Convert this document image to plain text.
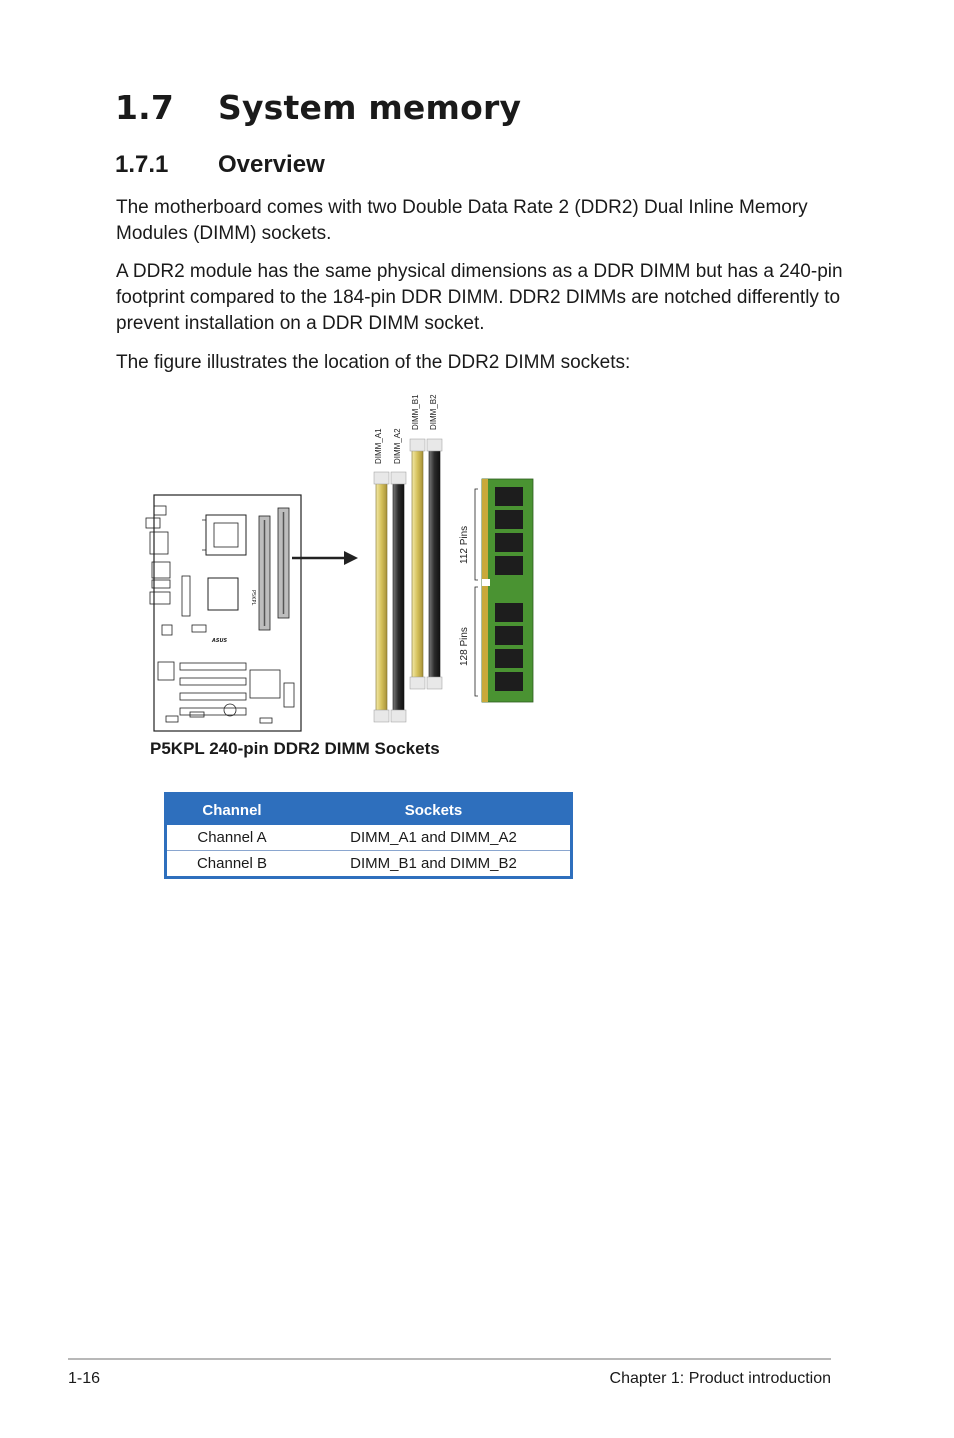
1.7 System memory
1.7.1 Overview
The motherboard comes with two Double Data Rate 2 (DDR2) Dual Inline Memory Modules (DIMM) sockets.
A DDR2 module has the same physical dimensions as a DDR DIMM but has a 240-pin footprint compared to the 184-pin DDR DIMM. DDR2 DIMMs are notched differently to prevent installation on a DDR DIMM socket.
The figure illustrates the location of the DDR2 DIMM sockets:
P5KPL
ASUS
DIMM_A1 DIMM_A2
DIMM_B1 DIMM_B2
112 Pins
128 Pins
P5KPL 240-pin DDR2 DIMM Sockets
Channel	Sockets
Channel A	DIMM_A1 and DIMM_A2
Channel B	DIMM_B1 and DIMM_B2
1-16	Chapter 1: Product introduction
